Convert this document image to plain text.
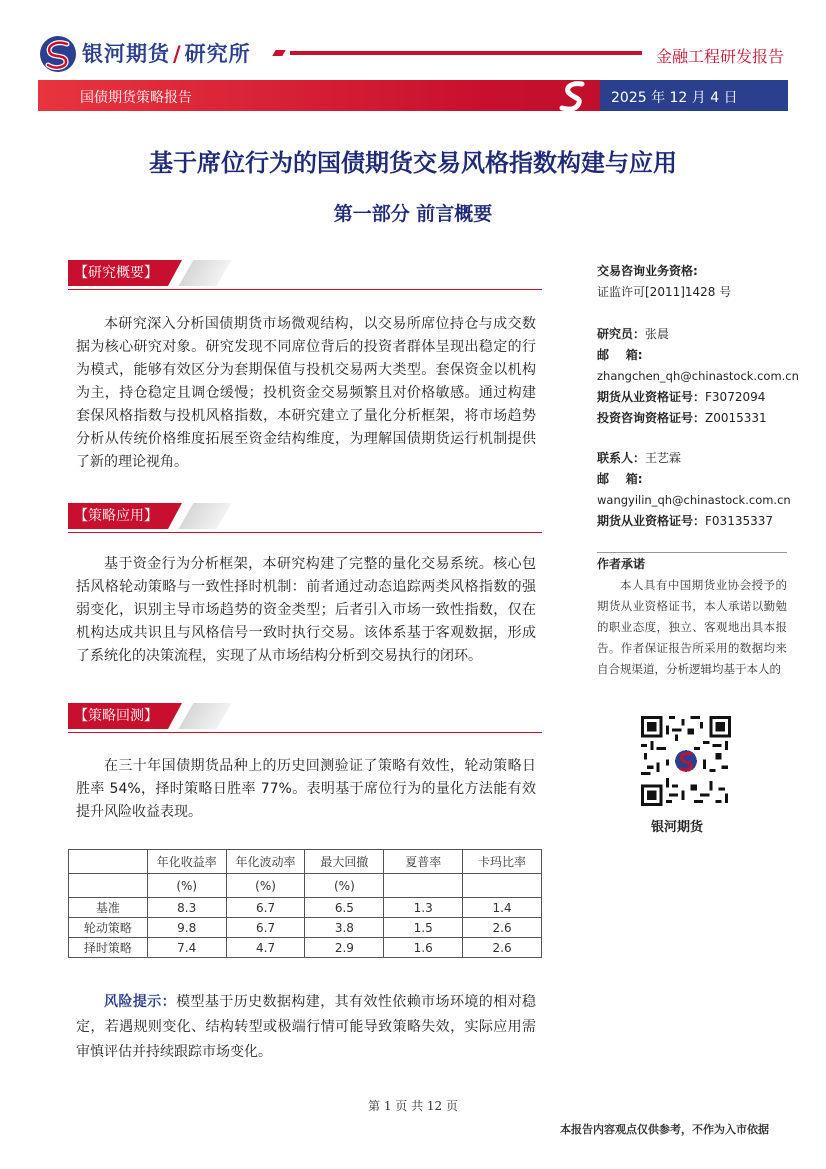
银河期货 / 研究所	金融工程研发报告
国债期货策略报告	2025 年 12 月 4 日
基于席位行为的国债期货交易风格指数构建与应用
第一部分 前言概要
【研究概要】

本研究深入分析国债期货市场微观结构，以交易所席位持仓与成交数据为核心研究对象。研究发现不同席位背后的投资者群体呈现出稳定的行为模式，能够有效区分为套期保值与投机交易两大类型。套保资金以机构为主，持仓稳定且调仓缓慢；投机资金交易频繁且对价格敏感。通过构建套保风格指数与投机风格指数，本研究建立了量化分析框架，将市场趋势分析从传统价格维度拓展至资金结构维度，为理解国债期货运行机制提供了新的理论视角。

【策略应用】

基于资金行为分析框架，本研究构建了完整的量化交易系统。核心包括风格轮动策略与一致性择时机制：前者通过动态追踪两类风格指数的强弱变化，识别主导市场趋势的资金类型；后者引入市场一致性指数，仅在机构达成共识且与风格信号一致时执行交易。该体系基于客观数据，形成了系统化的决策流程，实现了从市场结构分析到交易执行的闭环。

【策略回测】

在三十年国债期货品种上的历史回测验证了策略有效性，轮动策略日胜率 54%，择时策略日胜率 77%。表明基于席位行为的量化方法能有效提升风险收益表现。

	年化收益率	年化波动率	最大回撤	夏普率	卡玛比率
	(%)	(%)	(%)		
基准	8.3	6.7	6.5	1.3	1.4
轮动策略	9.8	6.7	3.8	1.5	2.6
择时策略	7.4	4.7	2.9	1.6	2.6
风险提示：模型基于历史数据构建，其有效性依赖市场环境的相对稳定，若遇规则变化、结构转型或极端行情可能导致策略失效，实际应用需审慎评估并持续跟踪市场变化。
交易咨询业务资格:
证监许可[2011]1428 号
研究员：张晨
邮    箱:
zhangchen_qh@chinastock.com.cn
期货从业资格证号：F3072094
投资咨询资格证号：Z0015331
联系人：王艺霖
邮    箱:
wangyilin_qh@chinastock.com.cn
期货从业资格证号：F03135337
作者承诺

本人具有中国期货业协会授予的期货从业资格证书，本人承诺以勤勉的职业态度，独立、客观地出具本报告。作者保证报告所采用的数据均来自合规渠道，分析逻辑均基于本人的

银河期货
第 1 页 共 12 页
本报告内容观点仅供参考，不作为入市依据
